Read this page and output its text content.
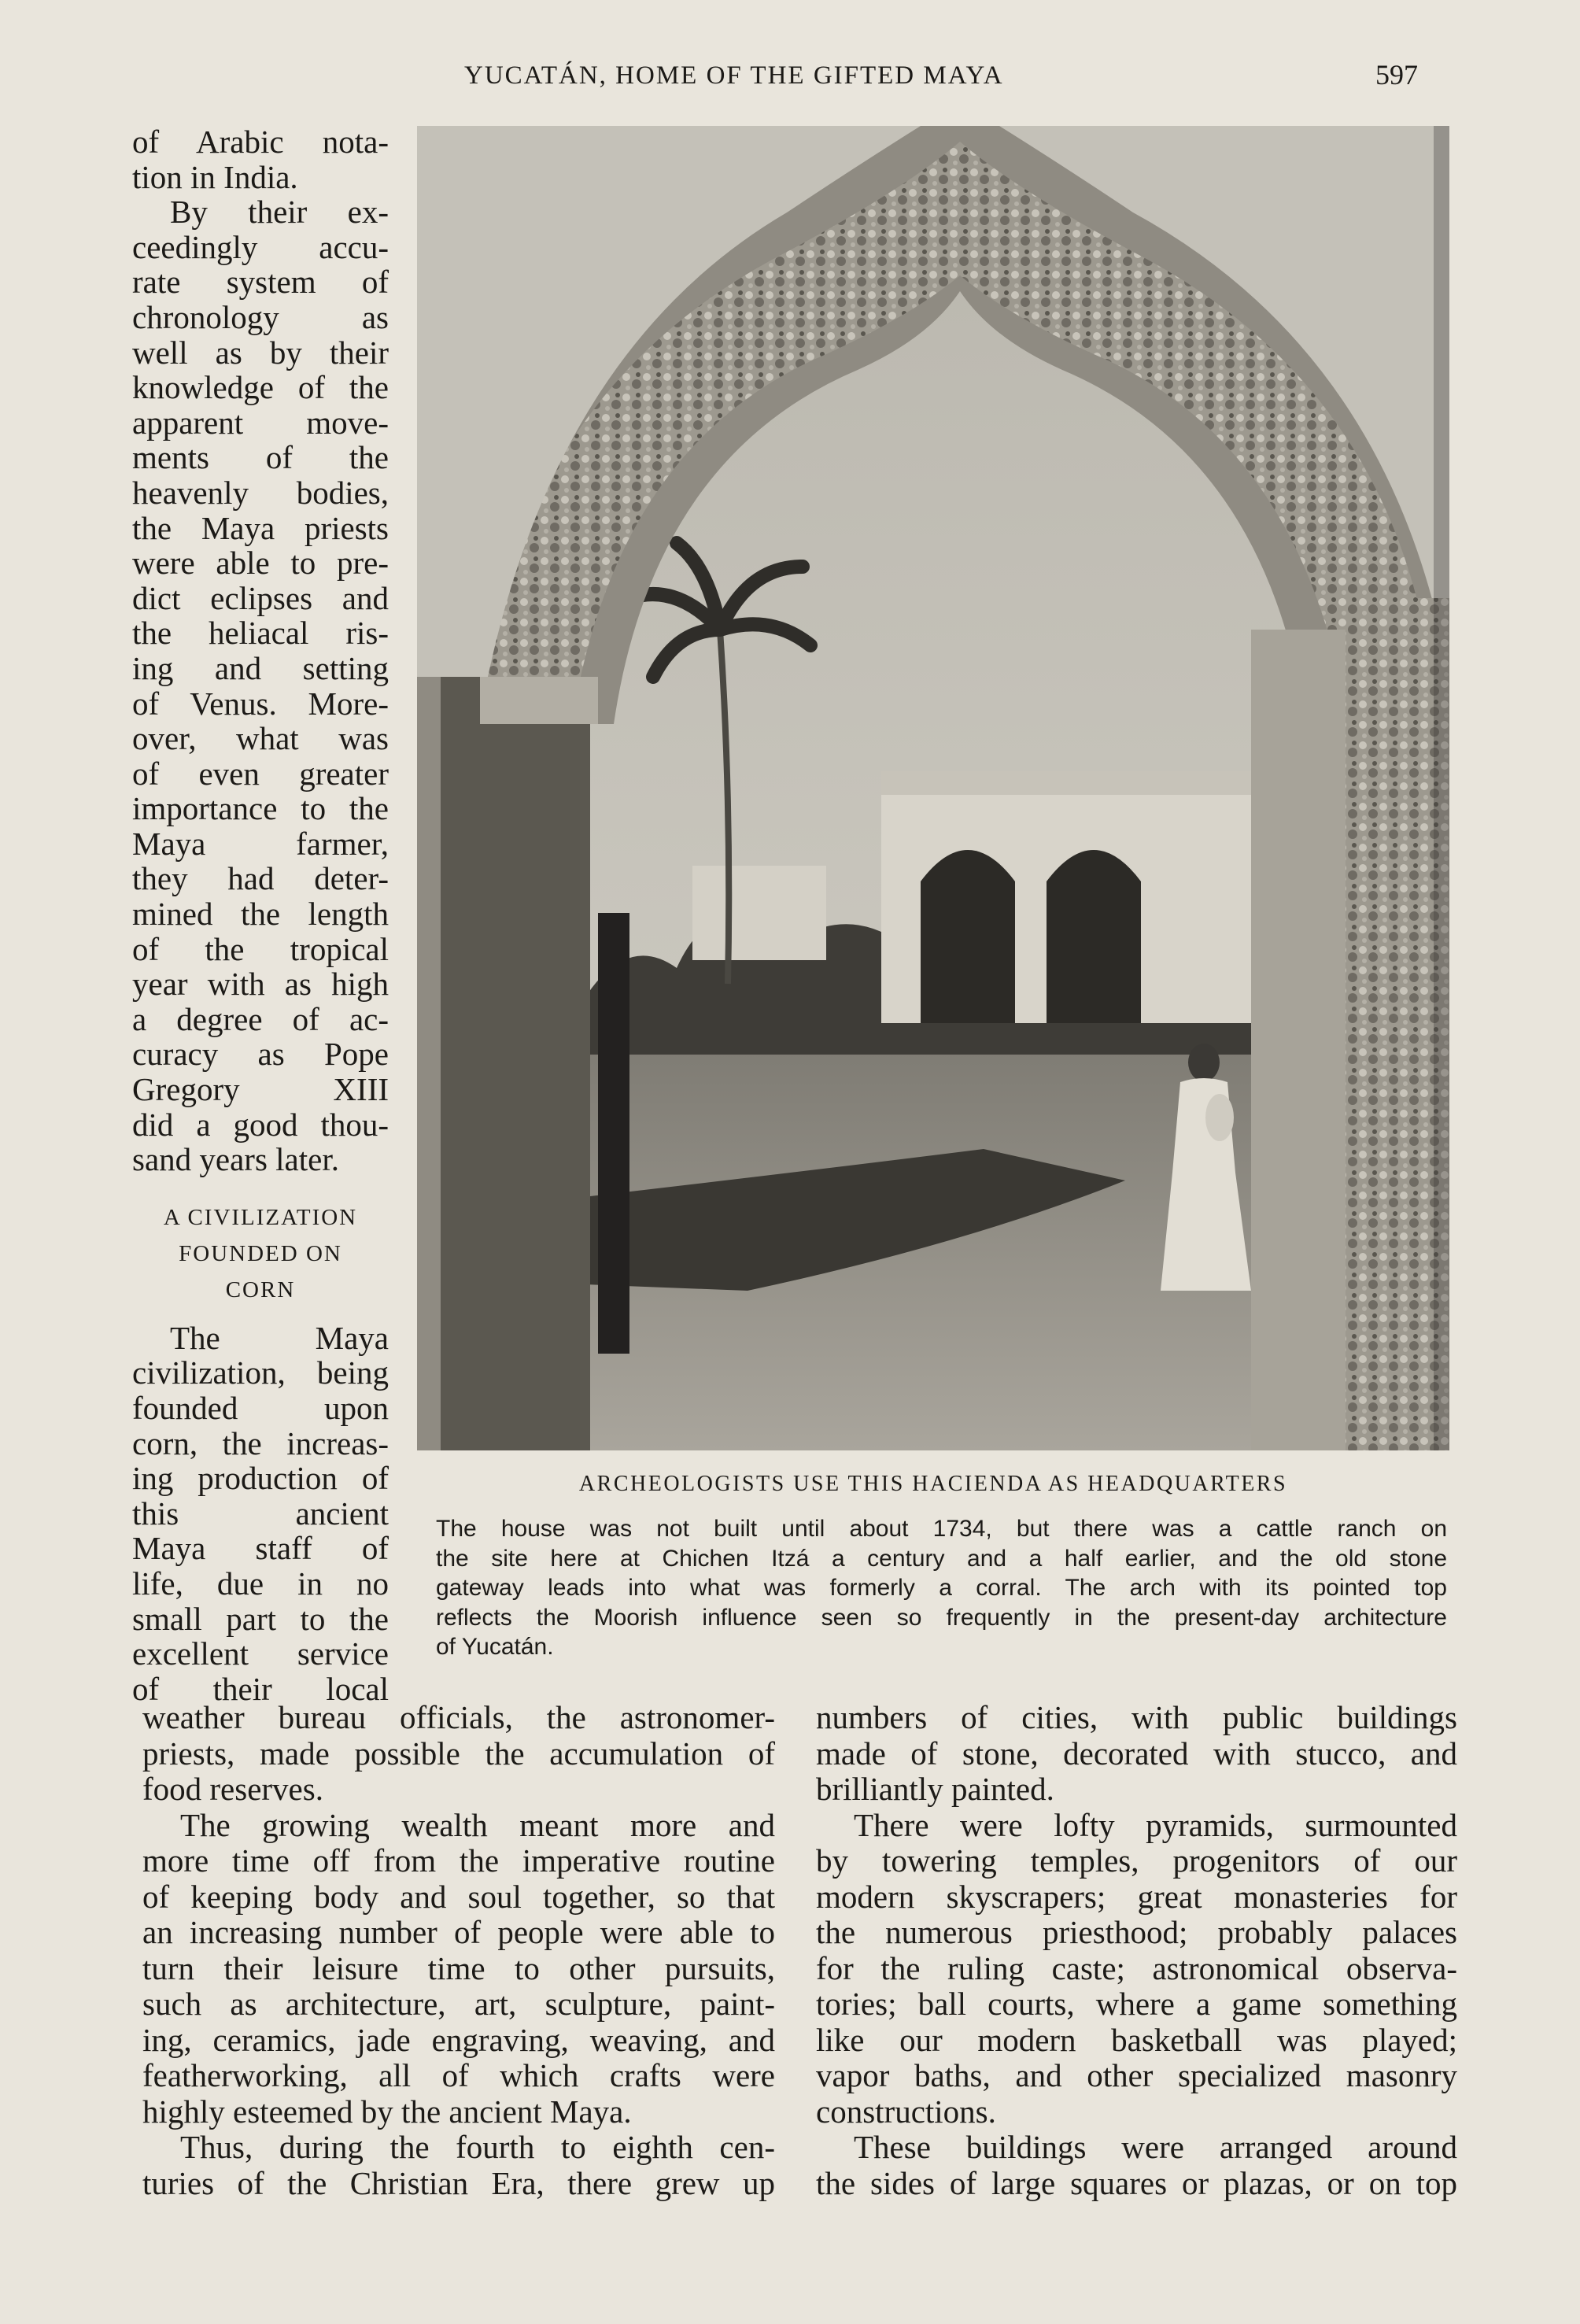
YUCATÁN, HOME OF THE GIFTED MAYA	597

of Arabic nota-
tion in India.

By their ex-
ceedingly accu-
rate system of
chronology as
well as by their
knowledge of the
apparent move-
ments of the
heavenly bodies,
the Maya priests
were able to pre-
dict eclipses and
the heliacal ris-
ing and setting
of Venus. More-
over, what was
of even greater
importance to the
Maya farmer,
they had deter-
mined the length
of the tropical
year with as high
a degree of ac-
curacy as Pope
Gregory XIII
did a good thou-
sand years later.

A CIVILIZATION
FOUNDED ON
CORN

The Maya
civilization, being
founded upon
corn, the increas-
ing production of
this ancient
Maya staff of
life, due in no
small part to the
excellent service
of their local

ARCHEOLOGISTS USE THIS HACIENDA AS HEADQUARTERS
The house was not built until about 1734, but there was a cattle ranch on
the site here at Chichen Itzá a century and a half earlier, and the old stone
gateway leads into what was formerly a corral. The arch with its pointed top
reflects the Moorish influence seen so frequently in the present-day architecture
of Yucatán.

weather bureau officials, the astronomer-
priests, made possible the accumulation of
food reserves.

The growing wealth meant more and
more time off from the imperative routine
of keeping body and soul together, so that
an increasing number of people were able to
turn their leisure time to other pursuits,
such as architecture, art, sculpture, paint-
ing, ceramics, jade engraving, weaving, and
featherworking, all of which crafts were
highly esteemed by the ancient Maya.

Thus, during the fourth to eighth cen-
turies of the Christian Era, there grew up

numbers of cities, with public buildings
made of stone, decorated with stucco, and
brilliantly painted.

There were lofty pyramids, surmounted
by towering temples, progenitors of our
modern skyscrapers; great monasteries for
the numerous priesthood; probably palaces
for the ruling caste; astronomical observa-
tories; ball courts, where a game something
like our modern basketball was played;
vapor baths, and other specialized masonry
constructions.

These buildings were arranged around
the sides of large squares or plazas, or on top
